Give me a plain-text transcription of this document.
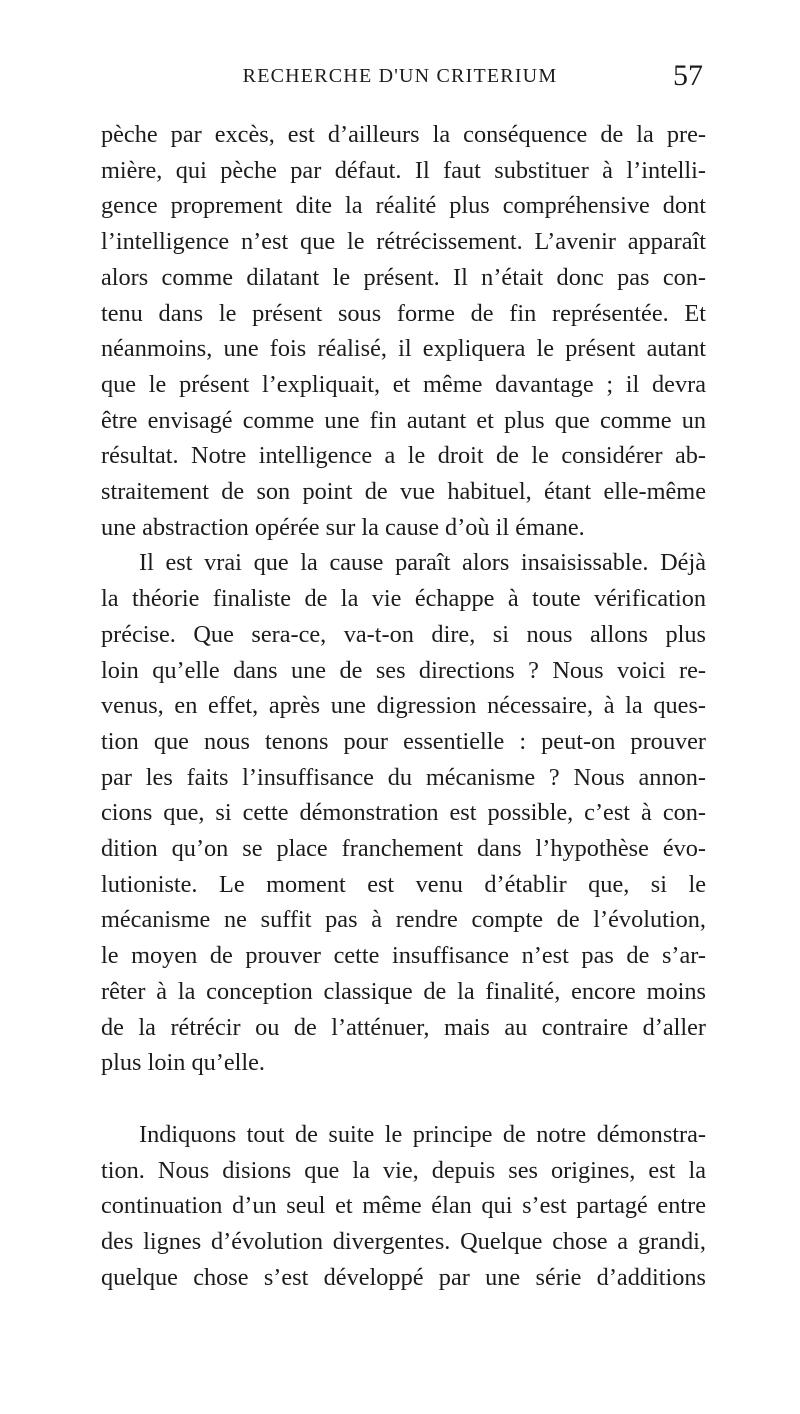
RECHERCHE D'UN CRITERIUM	57

pèche par excès, est d’ailleurs la conséquence de la pre-
mière, qui pèche par défaut. Il faut substituer à l’intelli-
gence proprement dite la réalité plus compréhensive dont
l’intelligence n’est que le rétrécissement. L’avenir apparaît
alors comme dilatant le présent. Il n’était donc pas con-
tenu dans le présent sous forme de fin représentée. Et
néanmoins, une fois réalisé, il expliquera le présent autant
que le présent l’expliquait, et même davantage ; il devra
être envisagé comme une fin autant et plus que comme un
résultat. Notre intelligence a le droit de le considérer ab-
straitement de son point de vue habituel, étant elle-même
une abstraction opérée sur la cause d’où il émane.

Il est vrai que la cause paraît alors insaisissable. Déjà
la théorie finaliste de la vie échappe à toute vérification
précise. Que sera-ce, va-t-on dire, si nous allons plus
loin qu’elle dans une de ses directions ? Nous voici re-
venus, en effet, après une digression nécessaire, à la ques-
tion que nous tenons pour essentielle : peut-on prouver
par les faits l’insuffisance du mécanisme ? Nous annon-
cions que, si cette démonstration est possible, c’est à con-
dition qu’on se place franchement dans l’hypothèse évo-
lutioniste. Le moment est venu d’établir que, si le
mécanisme ne suffit pas à rendre compte de l’évolution,
le moyen de prouver cette insuffisance n’est pas de s’ar-
rêter à la conception classique de la finalité, encore moins
de la rétrécir ou de l’atténuer, mais au contraire d’aller
plus loin qu’elle.

Indiquons tout de suite le principe de notre démonstra-
tion. Nous disions que la vie, depuis ses origines, est la
continuation d’un seul et même élan qui s’est partagé entre
des lignes d’évolution divergentes. Quelque chose a grandi,
quelque chose s’est développé par une série d’additions
